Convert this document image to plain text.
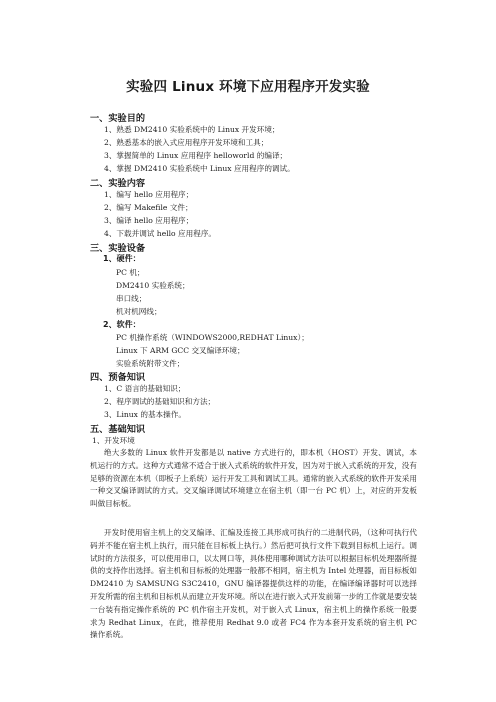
实验四 Linux 环境下应用程序开发实验
一、实验目的
1、熟悉 DM2410 实验系统中的 Linux 开发环境；
2、熟悉基本的嵌入式应用程序开发环境和工具；
3、掌握简单的 Linux 应用程序 helloworld 的编译；
4、掌握 DM2410 实验系统中 Linux 应用程序的调试。
二、实验内容
1、编写 hello 应用程序；
2、编写 Makefile 文件；
3、编译 hello 应用程序；
4、下载并调试 hello 应用程序。
三、实验设备
1、硬件：
PC 机；
DM2410 实验系统；
串口线；
机对机网线；
2、软件：
PC 机操作系统（WINDOWS2000,REDHAT Linux）；
Linux 下 ARM GCC 交叉编译环境；
实验系统附带文件；
四、预备知识
1、C 语言的基础知识；
2、程序调试的基础知识和方法；
3、Linux 的基本操作。
五、基础知识
1、开发环境
绝大多数的 Linux 软件开发都是以 native 方式进行的，即本机（HOST）开发、调试，本机运行的方式。这种方式通常不适合于嵌入式系统的软件开发，因为对于嵌入式系统的开发，没有足够的资源在本机（即板子上系统）运行开发工具和调试工具。通常的嵌入式系统的软件开发采用一种交叉编译调试的方式。交叉编译调试环境建立在宿主机（即一台 PC 机）上，对应的开发板叫做目标板。
开发时使用宿主机上的交叉编译、汇编及连接工具形成可执行的二进制代码，（这种可执行代码并不能在宿主机上执行，而只能在目标板上执行。）然后把可执行文件下载到目标机上运行。调试时的方法很多，可以使用串口，以太网口等，具体使用哪种调试方法可以根据目标机处理器所提供的支持作出选择。宿主机和目标板的处理器一般都不相同，宿主机为 Intel 处理器，而目标板如 DM2410 为 SAMSUNG S3C2410，GNU 编译器提供这样的功能，在编译编译器时可以选择开发所需的宿主机和目标机从而建立开发环境。所以在进行嵌入式开发前第一步的工作就是要安装一台装有指定操作系统的 PC 机作宿主开发机，对于嵌入式 Linux，宿主机上的操作系统一般要求为 Redhat Linux，在此，推荐使用 Redhat 9.0 或者 FC4 作为本套开发系统的宿主机 PC 操作系统。
